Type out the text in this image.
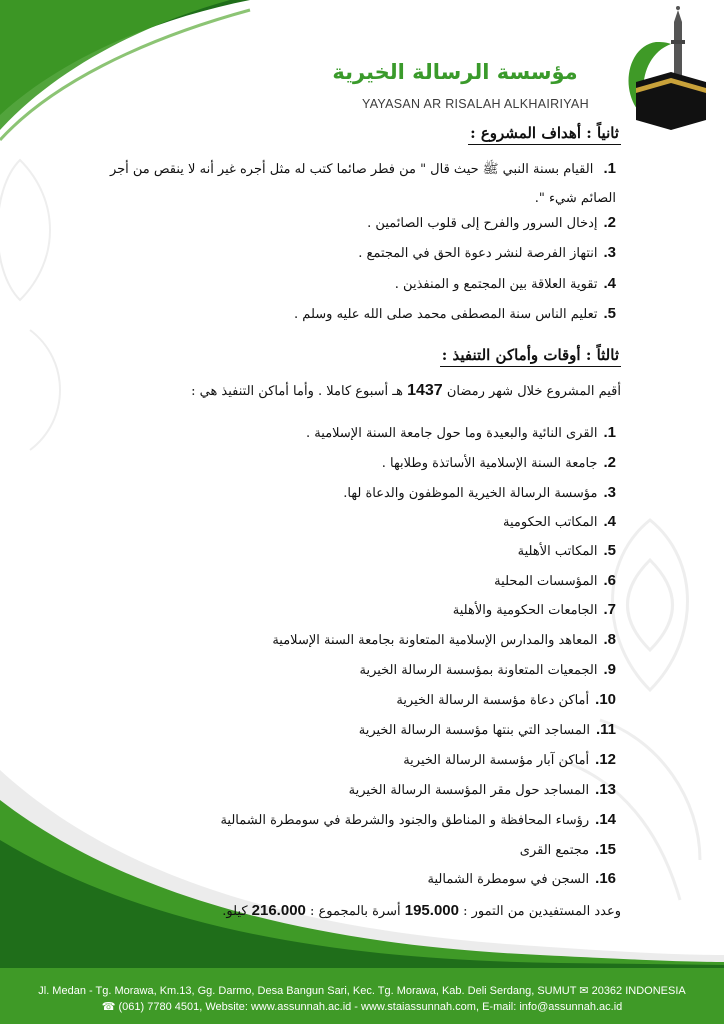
مؤسسة الرسالة الخيرية
YAYASAN AR RISALAH ALKHAIRIYAH
ثانياً : أهداف المشروع :
1. القيام بسنة النبي ﷺ حيث قال " من فطر صائما كتب له مثل أجره غير أنه لا ينقص من أجر الصائم شيء ".
2.
إدخال السرور والفرح إلى قلوب الصائمين .
3.
انتهاز الفرصة لنشر دعوة الحق في المجتمع .
4.
تقوية العلاقة بين المجتمع و المنفذين .
5.
تعليم الناس سنة المصطفى محمد صلى الله عليه وسلم .
ثالثاً : أوقات وأماكن التنفيذ :
أقيم المشروع خلال شهر رمضان 1437 هـ أسبوع كاملا . وأما أماكن التنفيذ هي :
1.
القرى النائية والبعيدة وما حول جامعة السنة الإسلامية .
2.
جامعة السنة الإسلامية الأساتذة وطلابها .
3.
مؤسسة الرسالة الخيرية الموظفون والدعاة لها.
4.
المكاتب الحكومية
5.
المكاتب الأهلية
6.
المؤسسات المحلية
7.
الجامعات الحكومية والأهلية
8.
المعاهد والمدارس الإسلامية المتعاونة بجامعة السنة الإسلامية
9.
الجمعيات المتعاونة بمؤسسة الرسالة الخيرية
10.
أماكن دعاة مؤسسة الرسالة الخيرية
11.
المساجد التي بنتها مؤسسة الرسالة الخيرية
12.
أماكن آبار مؤسسة الرسالة الخيرية
13.
المساجد حول مقر المؤسسة الرسالة الخيرية
14.
رؤساء المحافظة و المناطق والجنود والشرطة في سومطرة الشمالية
15.
مجتمع القرى
16.
السجن في سومطرة الشمالية
وعدد المستفيدين من التمور : 195.000 أسرة بالمجموع : 216.000 كيلو.
Jl. Medan - Tg. Morawa, Km.13, Gg. Darmo, Desa Bangun Sari, Kec. Tg. Morawa, Kab. Deli Serdang, SUMUT ✉ 20362 INDONESIA
☎ (061) 7780 4501, Website: www.assunnah.ac.id - www.staiassunnah.com, E-mail: info@assunnah.ac.id
